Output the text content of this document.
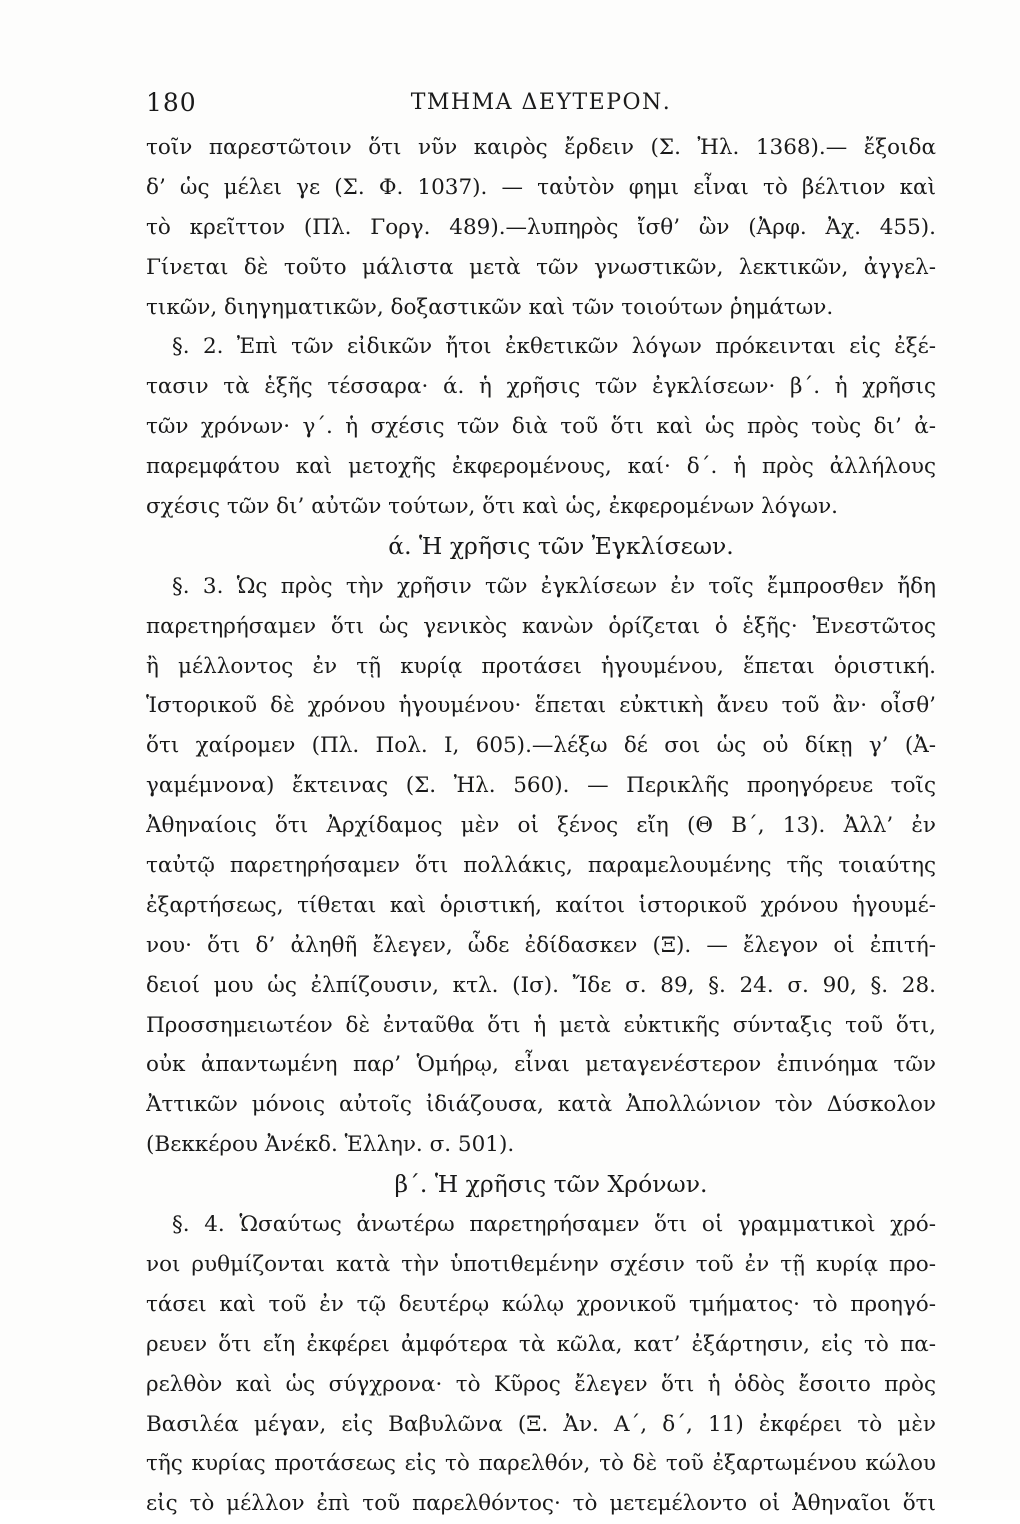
180	ΤΜΗΜΑ ΔΕΥΤΕΡΟΝ.
τοῖν παρεστῶτοιν ὅτι νῦν καιρὸς ἔρδειν (Σ. Ἠλ. 1368).— ἔξοιδα
δ’ ὡς μέλει γε (Σ. Φ. 1037). — ταὐτὸν φημι εἶναι τὸ βέλτιον καὶ
τὸ κρεῖττον (Πλ. Γοργ. 489).—λυπηρὸς ἴσθ’ ὢν (Ἀρφ. Ἀχ. 455).
Γίνεται δὲ τοῦτο μάλιστα μετὰ τῶν γνωστικῶν, λεκτικῶν, ἀγγελ-
τικῶν, διηγηματικῶν, δοξαστικῶν καὶ τῶν τοιούτων ῥημάτων.
§. 2. Ἐπὶ τῶν εἰδικῶν ἤτοι ἐκθετικῶν λόγων πρόκεινται εἰς ἐξέ-
τασιν τὰ ἑξῆς τέσσαρα· ά. ἡ χρῆσις τῶν ἐγκλίσεων· β΄. ἡ χρῆσις
τῶν χρόνων· γ΄. ἡ σχέσις τῶν διὰ τοῦ ὅτι καὶ ὡς πρὸς τοὺς δι’ ἀ-
παρεμφάτου καὶ μετοχῆς ἐκφερομένους, καί· δ΄. ἡ πρὸς ἀλλήλους
σχέσις τῶν δι’ αὐτῶν τούτων, ὅτι καὶ ὡς, ἐκφερομένων λόγων.
ά. Ἡ χρῆσις τῶν Ἐγκλίσεων.
§. 3. Ὡς πρὸς τὴν χρῆσιν τῶν ἐγκλίσεων ἐν τοῖς ἔμπροσθεν ἤδη
παρετηρήσαμεν ὅτι ὡς γενικὸς κανὼν ὁρίζεται ὁ ἑξῆς· Ἐνεστῶτος
ἢ μέλλοντος ἐν τῇ κυρίᾳ προτάσει ἡγουμένου, ἕπεται ὁριστική.
Ἱστορικοῦ δὲ χρόνου ἡγουμένου· ἕπεται εὐκτικὴ ἄνευ τοῦ ἂν· οἶσθ’
ὅτι χαίρομεν (Πλ. Πολ. Ι, 605).—λέξω δέ σοι ὡς οὐ δίκῃ γ’ (Ἀ-
γαμέμνονα) ἔκτεινας (Σ. Ἠλ. 560). — Περικλῆς προηγόρευε τοῖς
Ἀθηναίοις ὅτι Ἀρχίδαμος μὲν οἱ ξένος εἴη (Θ Β΄, 13). Ἀλλ’ ἐν
ταὐτῷ παρετηρήσαμεν ὅτι πολλάκις, παραμελουμένης τῆς τοιαύτης
ἐξαρτήσεως, τίθεται καὶ ὁριστική, καίτοι ἱστορικοῦ χρόνου ἡγουμέ-
νου· ὅτι δ’ ἀληθῆ ἔλεγεν, ὧδε ἐδίδασκεν (Ξ). — ἔλεγον οἱ ἐπιτή-
δειοί μου ὡς ἐλπίζουσιν, κτλ. (Ισ). Ἴδε σ. 89, §. 24. σ. 90, §. 28.
Προσσημειωτέον δὲ ἐνταῦθα ὅτι ἡ μετὰ εὐκτικῆς σύνταξις τοῦ ὅτι,
οὐκ ἀπαντωμένη παρ’ Ὁμήρῳ, εἶναι μεταγενέστερον ἐπινόημα τῶν
Ἀττικῶν μόνοις αὐτοῖς ἰδιάζουσα, κατὰ Ἀπολλώνιον τὸν Δύσκολον
(Βεκκέρου Ἀνέκδ. Ἑλλην. σ. 501).
β΄. Ἡ χρῆσις τῶν Χρόνων.
§. 4. Ὡσαύτως ἀνωτέρω παρετηρήσαμεν ὅτι οἱ γραμματικοὶ χρό-
νοι ρυθμίζονται κατὰ τὴν ὑποτιθεμένην σχέσιν τοῦ ἐν τῇ κυρίᾳ προ-
τάσει καὶ τοῦ ἐν τῷ δευτέρῳ κώλῳ χρονικοῦ τμήματος· τὸ προηγό-
ρευεν ὅτι εἴη ἐκφέρει ἀμφότερα τὰ κῶλα, κατ’ ἐξάρτησιν, εἰς τὸ πα-
ρελθὸν καὶ ὡς σύγχρονα· τὸ Κῦρος ἔλεγεν ὅτι ἡ ὁδὸς ἔσοιτο πρὸς
Βασιλέα μέγαν, εἰς Βαβυλῶνα (Ξ. Ἀν. Α΄, δ΄, 11) ἐκφέρει τὸ μὲν
τῆς κυρίας προτάσεως εἰς τὸ παρελθόν, τὸ δὲ τοῦ ἐξαρτωμένου κώλου
εἰς τὸ μέλλον ἐπὶ τοῦ παρελθόντος· τὸ μετεμέλοντο οἱ Ἀθηναῖοι ὅτι
